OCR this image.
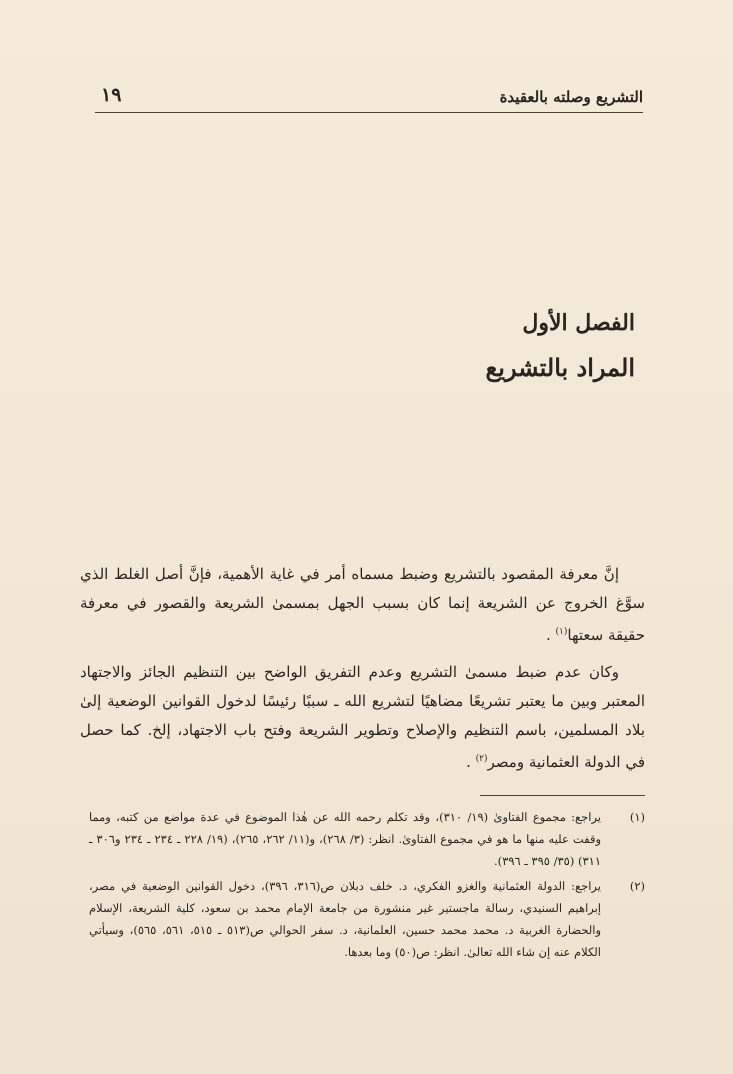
التشريع وصلته بالعقيدة
١٩
الفصل الأول
المراد بالتشريع

إنَّ معرفة المقصود بالتشريع وضبط مسماه أمر في غاية الأهمية، فإنَّ أصل الغلط الذي سوَّغ الخروج عن الشريعة إنما كان بسبب الجهل بمسمىٰ الشريعة والقصور في معرفة حقيقة سعتها$^{(١)}$ .

وكان عدم ضبط مسمىٰ التشريع وعدم التفريق الواضح بين التنظيم الجائز والاجتهاد المعتبر وبين ما يعتبر تشريعًا مضاهيًا لتشريع الله ـ سببًا رئيسًا لدخول القوانين الوضعية إلىٰ بلاد المسلمين، باسم التنظيم والإصلاح وتطوير الشريعة وفتح باب الاجتهاد، إلخ. كما حصل في الدولة العثمانية ومصر$^{(٢)}$ .

(١)
يراجع: مجموع الفتاوىٰ (١٩/ ٣١٠)، وقد تكلم رحمه الله عن هٰذا الموضوع في عدة مواضع من كتبه، ومما وقفت عليه منها ما هو في مجموع الفتاوىٰ. انظر: (٣/ ٢٦٨)، و(١١/ ٢٦٢، ٢٦٥)، (١٩/ ٢٢٨ ـ ٢٣٤ ـ ٢٣٤ و٣٠٦ ـ ٣١١) (٣٥/ ٣٩٥ ـ ٣٩٦).
(٢)
يراجع: الدولة العثمانية والغزو الفكري، د. خلف دبلان ص(٣١٦، ٣٩٦)، دخول القوانين الوضعية في مصر، إبراهيم السنيدي، رسالة ماجستير غير منشورة من جامعة الإمام محمد بن سعود، كلية الشريعة، الإسلام والحضارة الغربية د. محمد محمد حسين، العلمانية، د. سفر الحوالي ص(٥١٣ ـ ٥١٥، ٥٦١، ٥٦٥)، وسيأتي الكلام عنه إن شاء الله تعالىٰ. انظر: ص(٥٠) وما بعدها.
